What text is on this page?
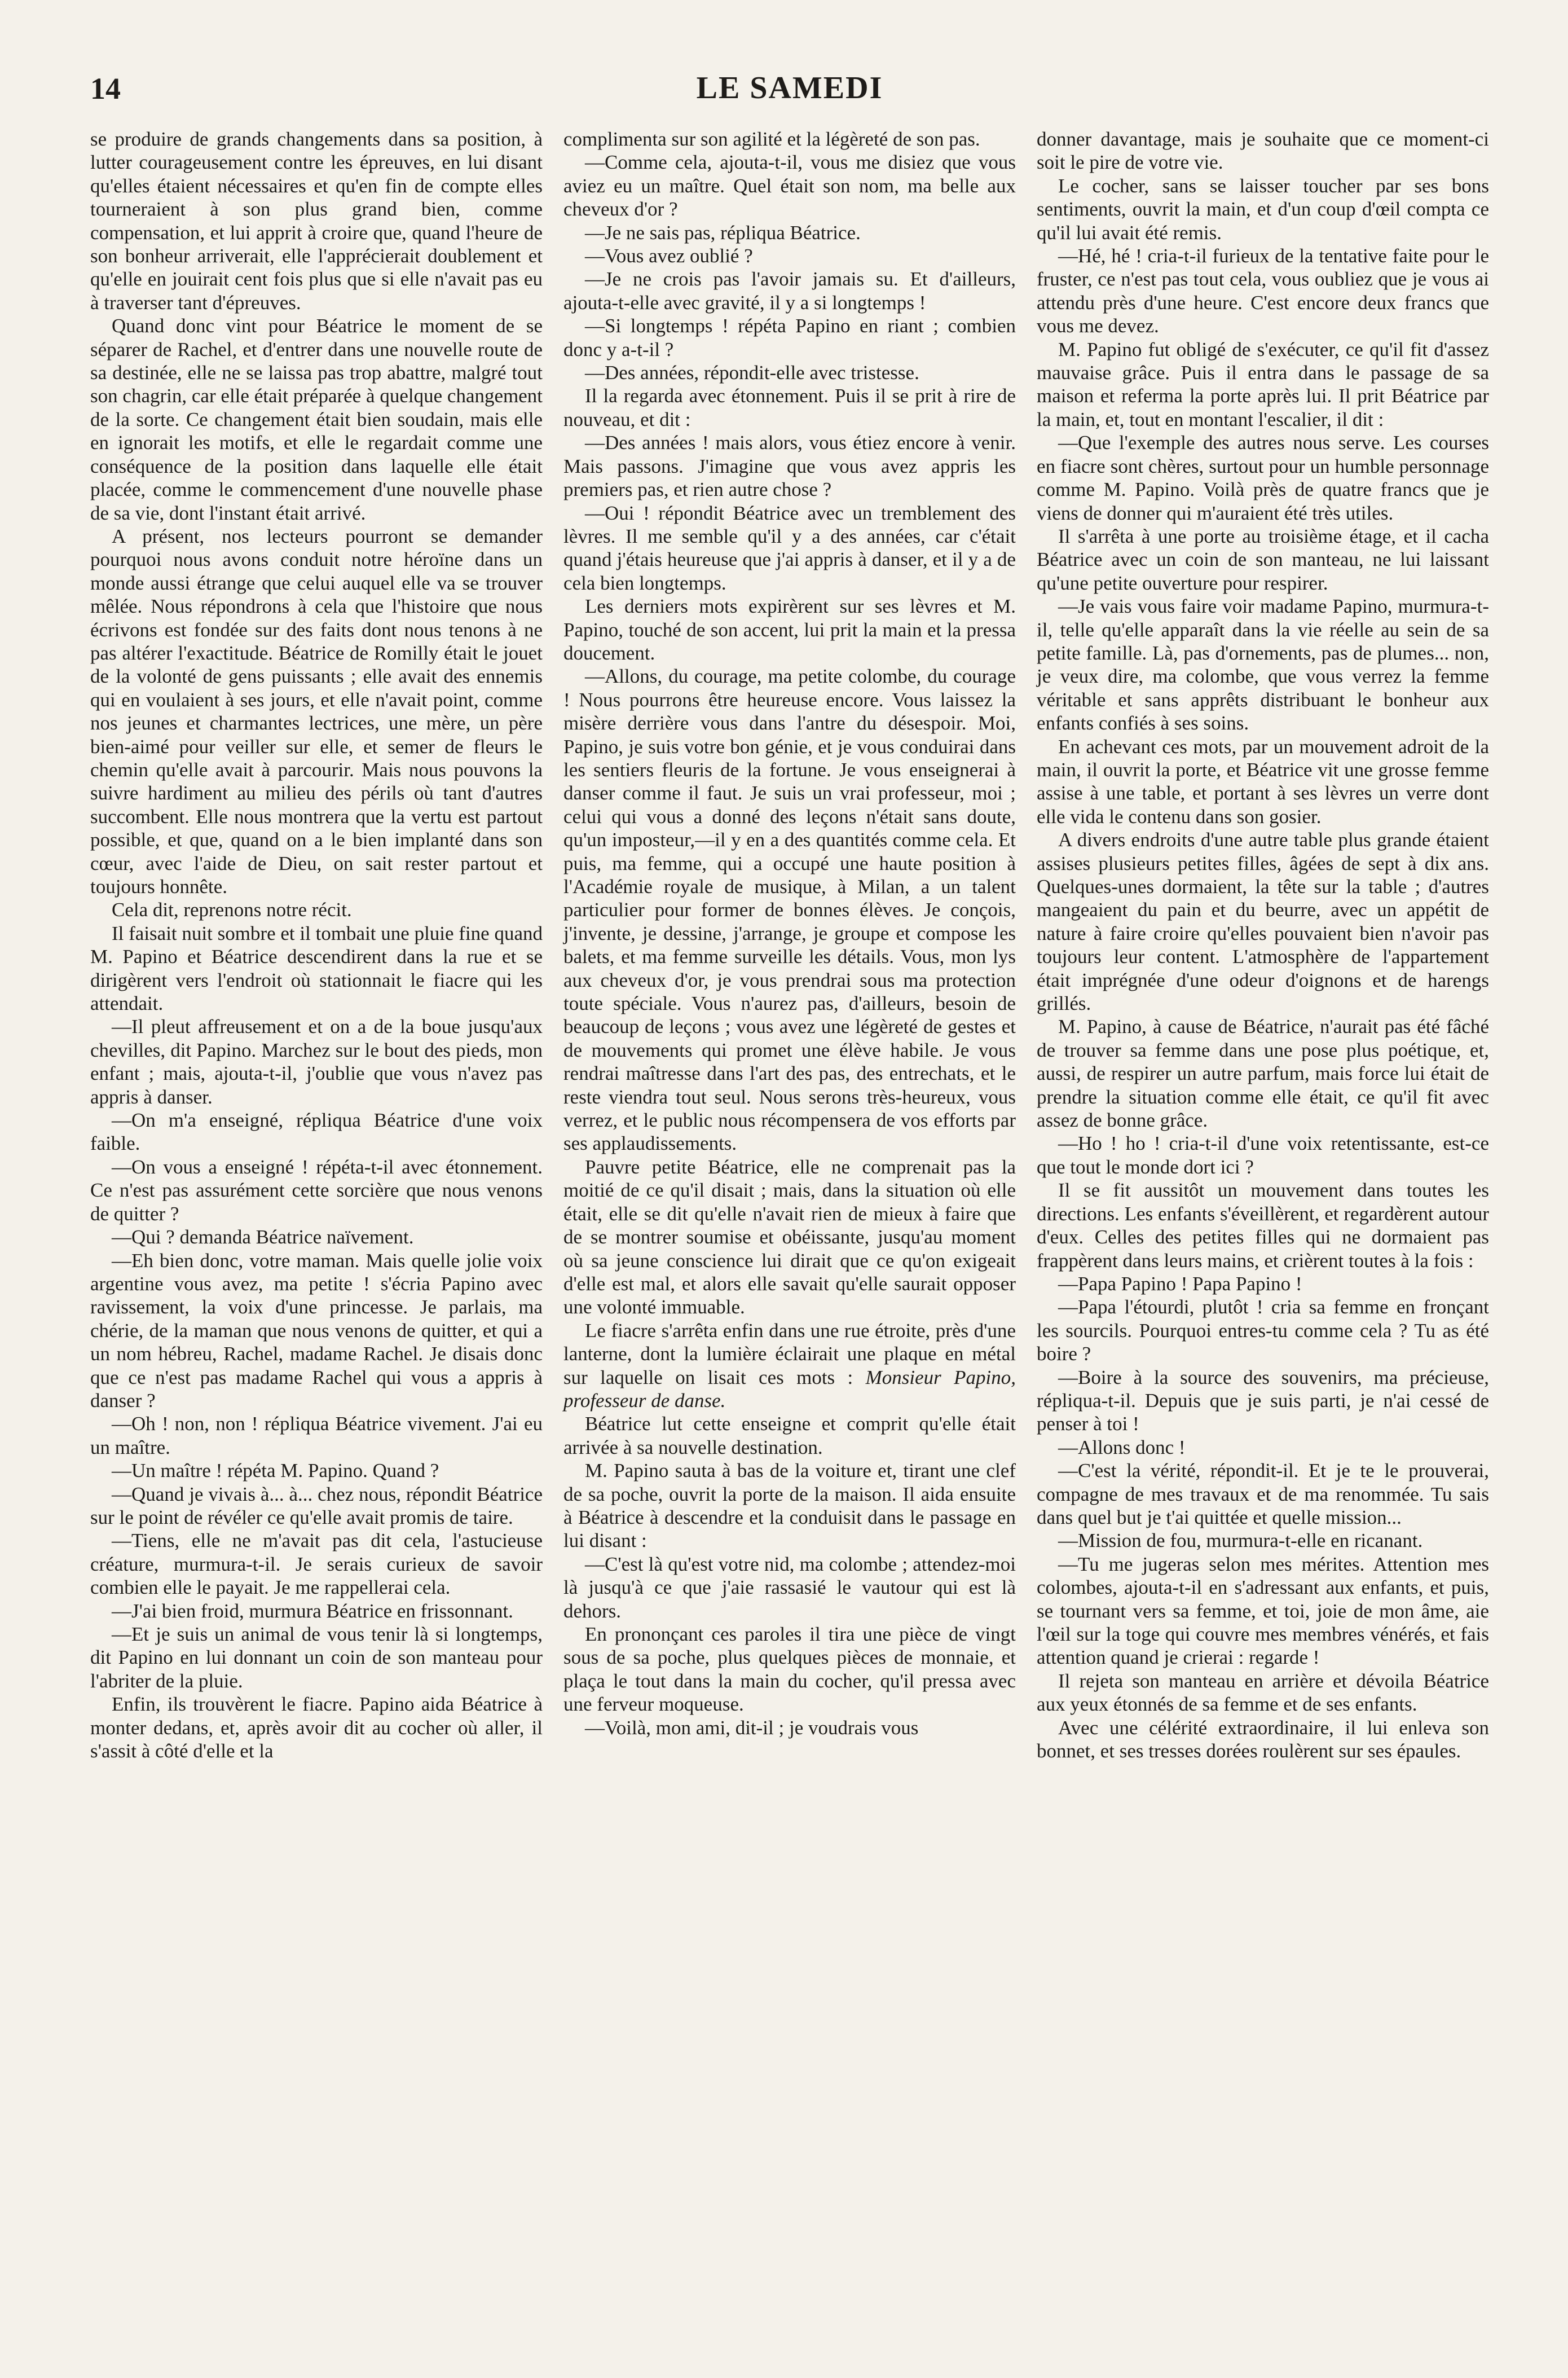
14	LE SAMEDI

se produire de grands changements dans sa position, à lutter courageusement contre les épreuves, en lui disant qu'elles étaient nécessaires et qu'en fin de compte elles tourneraient à son plus grand bien, comme compensation, et lui apprit à croire que, quand l'heure de son bonheur arriverait, elle l'apprécierait doublement et qu'elle en jouirait cent fois plus que si elle n'avait pas eu à traverser tant d'épreuves.

Quand donc vint pour Béatrice le moment de se séparer de Rachel, et d'entrer dans une nouvelle route de sa destinée, elle ne se laissa pas trop abattre, malgré tout son chagrin, car elle était préparée à quelque changement de la sorte. Ce changement était bien soudain, mais elle en ignorait les motifs, et elle le regardait comme une conséquence de la position dans laquelle elle était placée, comme le commencement d'une nouvelle phase de sa vie, dont l'instant était arrivé.

A présent, nos lecteurs pourront se demander pourquoi nous avons conduit notre héroïne dans un monde aussi étrange que celui auquel elle va se trouver mêlée. Nous répondrons à cela que l'histoire que nous écrivons est fondée sur des faits dont nous tenons à ne pas altérer l'exactitude. Béatrice de Romilly était le jouet de la volonté de gens puissants ; elle avait des ennemis qui en voulaient à ses jours, et elle n'avait point, comme nos jeunes et charmantes lectrices, une mère, un père bien-aimé pour veiller sur elle, et semer de fleurs le chemin qu'elle avait à parcourir. Mais nous pouvons la suivre hardiment au milieu des périls où tant d'autres succombent. Elle nous montrera que la vertu est partout possible, et que, quand on a le bien implanté dans son cœur, avec l'aide de Dieu, on sait rester partout et toujours honnête.

Cela dit, reprenons notre récit.

Il faisait nuit sombre et il tombait une pluie fine quand M. Papino et Béatrice descendirent dans la rue et se dirigèrent vers l'endroit où stationnait le fiacre qui les attendait.

—Il pleut affreusement et on a de la boue jusqu'aux chevilles, dit Papino. Marchez sur le bout des pieds, mon enfant ; mais, ajouta-t-il, j'oublie que vous n'avez pas appris à danser.

—On m'a enseigné, répliqua Béatrice d'une voix faible.

—On vous a enseigné ! répéta-t-il avec étonnement. Ce n'est pas assurément cette sorcière que nous venons de quitter ?

—Qui ? demanda Béatrice naïvement.

—Eh bien donc, votre maman. Mais quelle jolie voix argentine vous avez, ma petite ! s'écria Papino avec ravissement, la voix d'une princesse. Je parlais, ma chérie, de la maman que nous venons de quitter, et qui a un nom hébreu, Rachel, madame Rachel. Je disais donc que ce n'est pas madame Rachel qui vous a appris à danser ?

—Oh ! non, non ! répliqua Béatrice vivement. J'ai eu un maître.

—Un maître ! répéta M. Papino. Quand ?

—Quand je vivais à... à... chez nous, répondit Béatrice sur le point de révéler ce qu'elle avait promis de taire.

—Tiens, elle ne m'avait pas dit cela, l'astucieuse créature, murmura-t-il. Je serais curieux de savoir combien elle le payait. Je me rappellerai cela.

—J'ai bien froid, murmura Béatrice en frissonnant.

—Et je suis un animal de vous tenir là si longtemps, dit Papino en lui donnant un coin de son manteau pour l'abriter de la pluie.

Enfin, ils trouvèrent le fiacre. Papino aida Béatrice à monter dedans, et, après avoir dit au cocher où aller, il s'assit à côté d'elle et la

complimenta sur son agilité et la légèreté de son pas.

—Comme cela, ajouta-t-il, vous me disiez que vous aviez eu un maître. Quel était son nom, ma belle aux cheveux d'or ?

—Je ne sais pas, répliqua Béatrice.

—Vous avez oublié ?

—Je ne crois pas l'avoir jamais su. Et d'ailleurs, ajouta-t-elle avec gravité, il y a si longtemps !

—Si longtemps ! répéta Papino en riant ; combien donc y a-t-il ?

—Des années, répondit-elle avec tristesse.

Il la regarda avec étonnement. Puis il se prit à rire de nouveau, et dit :

—Des années ! mais alors, vous étiez encore à venir. Mais passons. J'imagine que vous avez appris les premiers pas, et rien autre chose ?

—Oui ! répondit Béatrice avec un tremblement des lèvres. Il me semble qu'il y a des années, car c'était quand j'étais heureuse que j'ai appris à danser, et il y a de cela bien longtemps.

Les derniers mots expirèrent sur ses lèvres et M. Papino, touché de son accent, lui prit la main et la pressa doucement.

—Allons, du courage, ma petite colombe, du courage ! Nous pourrons être heureuse encore. Vous laissez la misère derrière vous dans l'antre du désespoir. Moi, Papino, je suis votre bon génie, et je vous conduirai dans les sentiers fleuris de la fortune. Je vous enseignerai à danser comme il faut. Je suis un vrai professeur, moi ; celui qui vous a donné des leçons n'était sans doute, qu'un imposteur,—il y en a des quantités comme cela. Et puis, ma femme, qui a occupé une haute position à l'Académie royale de musique, à Milan, a un talent particulier pour former de bonnes élèves. Je conçois, j'invente, je dessine, j'arrange, je groupe et compose les balets, et ma femme surveille les détails. Vous, mon lys aux cheveux d'or, je vous prendrai sous ma protection toute spéciale. Vous n'aurez pas, d'ailleurs, besoin de beaucoup de leçons ; vous avez une légèreté de gestes et de mouvements qui promet une élève habile. Je vous rendrai maîtresse dans l'art des pas, des entrechats, et le reste viendra tout seul. Nous serons très-heureux, vous verrez, et le public nous récompensera de vos efforts par ses applaudissements.

Pauvre petite Béatrice, elle ne comprenait pas la moitié de ce qu'il disait ; mais, dans la situation où elle était, elle se dit qu'elle n'avait rien de mieux à faire que de se montrer soumise et obéissante, jusqu'au moment où sa jeune conscience lui dirait que ce qu'on exigeait d'elle est mal, et alors elle savait qu'elle saurait opposer une volonté immuable.

Le fiacre s'arrêta enfin dans une rue étroite, près d'une lanterne, dont la lumière éclairait une plaque en métal sur laquelle on lisait ces mots : Monsieur Papino, professeur de danse.

Béatrice lut cette enseigne et comprit qu'elle était arrivée à sa nouvelle destination.

M. Papino sauta à bas de la voiture et, tirant une clef de sa poche, ouvrit la porte de la maison. Il aida ensuite à Béatrice à descendre et la conduisit dans le passage en lui disant :

—C'est là qu'est votre nid, ma colombe ; attendez-moi là jusqu'à ce que j'aie rassasié le vautour qui est là dehors.

En prononçant ces paroles il tira une pièce de vingt sous de sa poche, plus quelques pièces de monnaie, et plaça le tout dans la main du cocher, qu'il pressa avec une ferveur moqueuse.

—Voilà, mon ami, dit-il ; je voudrais vous

donner davantage, mais je souhaite que ce moment-ci soit le pire de votre vie.

Le cocher, sans se laisser toucher par ses bons sentiments, ouvrit la main, et d'un coup d'œil compta ce qu'il lui avait été remis.

—Hé, hé ! cria-t-il furieux de la tentative faite pour le fruster, ce n'est pas tout cela, vous oubliez que je vous ai attendu près d'une heure. C'est encore deux francs que vous me devez.

M. Papino fut obligé de s'exécuter, ce qu'il fit d'assez mauvaise grâce. Puis il entra dans le passage de sa maison et referma la porte après lui. Il prit Béatrice par la main, et, tout en montant l'escalier, il dit :

—Que l'exemple des autres nous serve. Les courses en fiacre sont chères, surtout pour un humble personnage comme M. Papino. Voilà près de quatre francs que je viens de donner qui m'auraient été très utiles.

Il s'arrêta à une porte au troisième étage, et il cacha Béatrice avec un coin de son manteau, ne lui laissant qu'une petite ouverture pour respirer.

—Je vais vous faire voir madame Papino, murmura-t-il, telle qu'elle apparaît dans la vie réelle au sein de sa petite famille. Là, pas d'ornements, pas de plumes... non, je veux dire, ma colombe, que vous verrez la femme véritable et sans apprêts distribuant le bonheur aux enfants confiés à ses soins.

En achevant ces mots, par un mouvement adroit de la main, il ouvrit la porte, et Béatrice vit une grosse femme assise à une table, et portant à ses lèvres un verre dont elle vida le contenu dans son gosier.

A divers endroits d'une autre table plus grande étaient assises plusieurs petites filles, âgées de sept à dix ans. Quelques-unes dormaient, la tête sur la table ; d'autres mangeaient du pain et du beurre, avec un appétit de nature à faire croire qu'elles pouvaient bien n'avoir pas toujours leur content. L'atmosphère de l'appartement était imprégnée d'une odeur d'oignons et de harengs grillés.

M. Papino, à cause de Béatrice, n'aurait pas été fâché de trouver sa femme dans une pose plus poétique, et, aussi, de respirer un autre parfum, mais force lui était de prendre la situation comme elle était, ce qu'il fit avec assez de bonne grâce.

—Ho ! ho ! cria-t-il d'une voix retentissante, est-ce que tout le monde dort ici ?

Il se fit aussitôt un mouvement dans toutes les directions. Les enfants s'éveillèrent, et regardèrent autour d'eux. Celles des petites filles qui ne dormaient pas frappèrent dans leurs mains, et crièrent toutes à la fois :

—Papa Papino ! Papa Papino !

—Papa l'étourdi, plutôt ! cria sa femme en fronçant les sourcils. Pourquoi entres-tu comme cela ? Tu as été boire ?

—Boire à la source des souvenirs, ma précieuse, répliqua-t-il. Depuis que je suis parti, je n'ai cessé de penser à toi !

—Allons donc !

—C'est la vérité, répondit-il. Et je te le prouverai, compagne de mes travaux et de ma renommée. Tu sais dans quel but je t'ai quittée et quelle mission...

—Mission de fou, murmura-t-elle en ricanant.

—Tu me jugeras selon mes mérites. Attention mes colombes, ajouta-t-il en s'adressant aux enfants, et puis, se tournant vers sa femme, et toi, joie de mon âme, aie l'œil sur la toge qui couvre mes membres vénérés, et fais attention quand je crierai : regarde !

Il rejeta son manteau en arrière et dévoila Béatrice aux yeux étonnés de sa femme et de ses enfants.

Avec une célérité extraordinaire, il lui enleva son bonnet, et ses tresses dorées roulèrent sur ses épaules.
